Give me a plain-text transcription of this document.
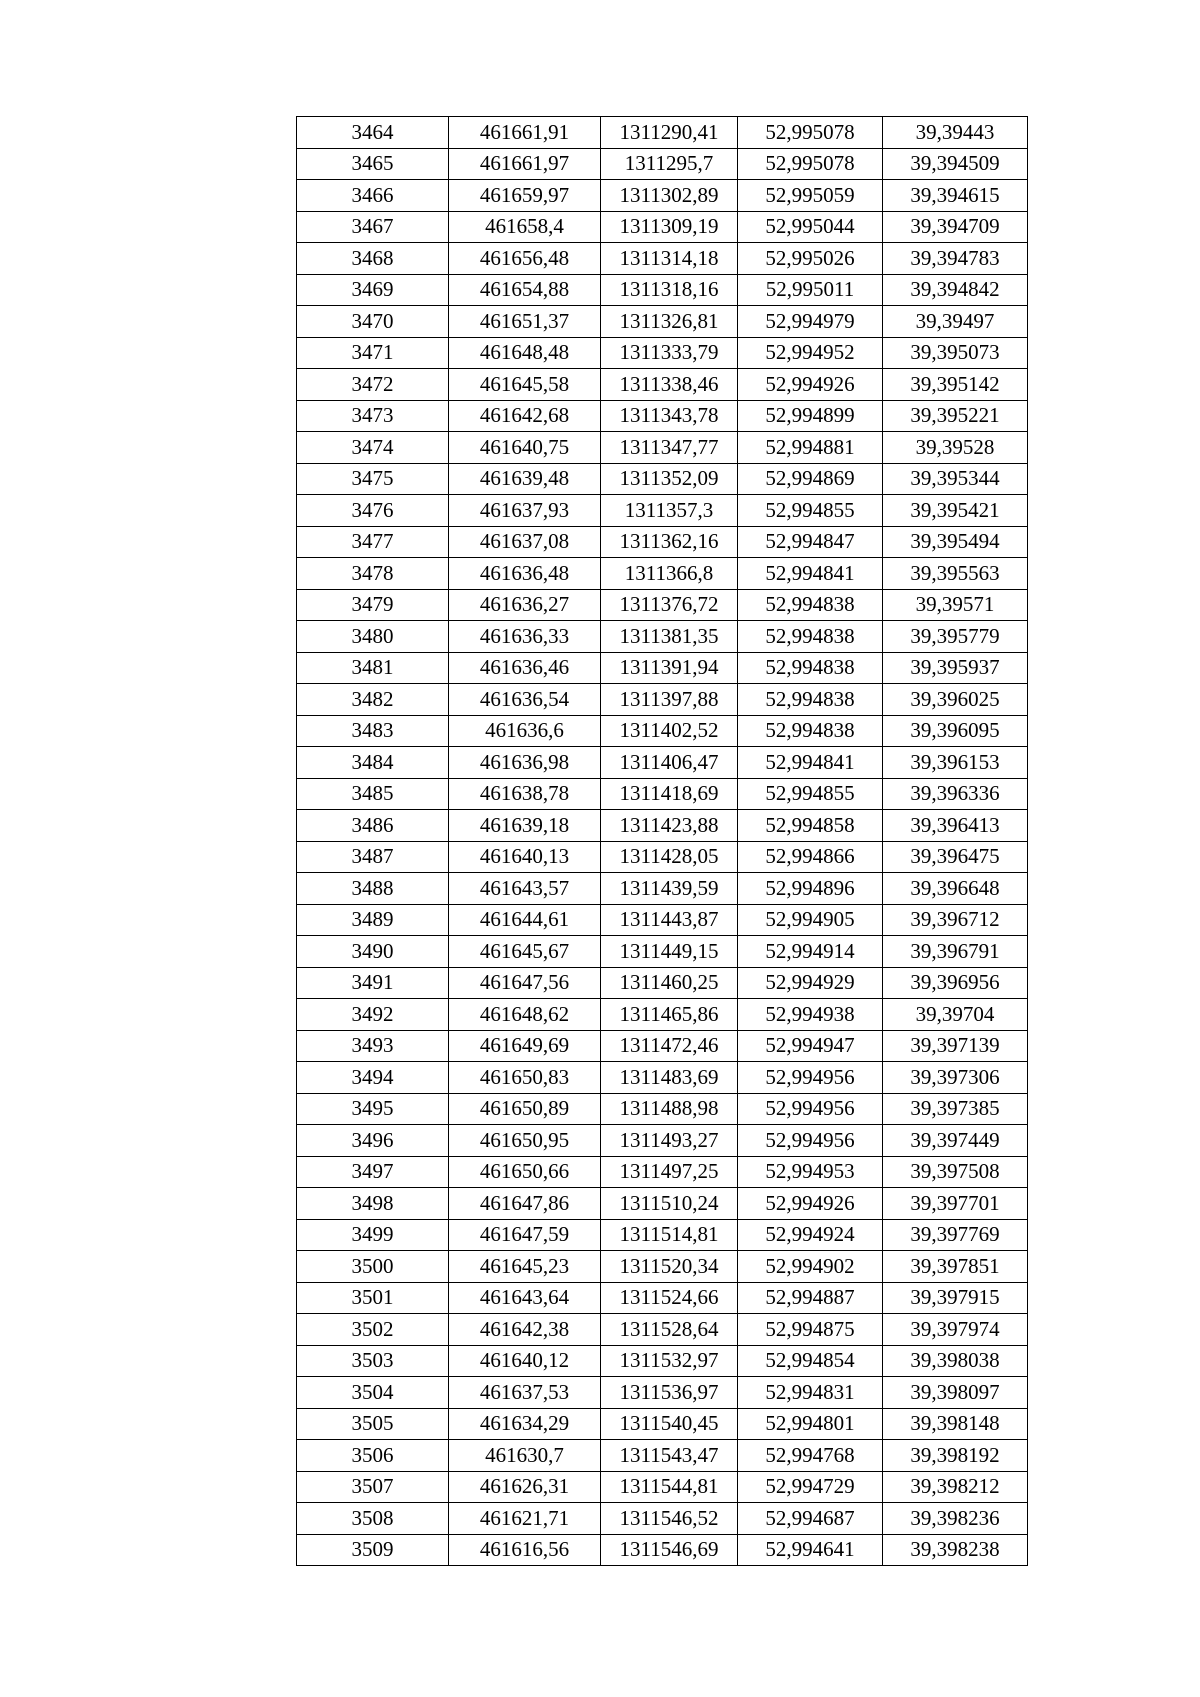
3464	461661,91	1311290,41	52,995078	39,39443
3465	461661,97	1311295,7	52,995078	39,394509
3466	461659,97	1311302,89	52,995059	39,394615
3467	461658,4	1311309,19	52,995044	39,394709
3468	461656,48	1311314,18	52,995026	39,394783
3469	461654,88	1311318,16	52,995011	39,394842
3470	461651,37	1311326,81	52,994979	39,39497
3471	461648,48	1311333,79	52,994952	39,395073
3472	461645,58	1311338,46	52,994926	39,395142
3473	461642,68	1311343,78	52,994899	39,395221
3474	461640,75	1311347,77	52,994881	39,39528
3475	461639,48	1311352,09	52,994869	39,395344
3476	461637,93	1311357,3	52,994855	39,395421
3477	461637,08	1311362,16	52,994847	39,395494
3478	461636,48	1311366,8	52,994841	39,395563
3479	461636,27	1311376,72	52,994838	39,39571
3480	461636,33	1311381,35	52,994838	39,395779
3481	461636,46	1311391,94	52,994838	39,395937
3482	461636,54	1311397,88	52,994838	39,396025
3483	461636,6	1311402,52	52,994838	39,396095
3484	461636,98	1311406,47	52,994841	39,396153
3485	461638,78	1311418,69	52,994855	39,396336
3486	461639,18	1311423,88	52,994858	39,396413
3487	461640,13	1311428,05	52,994866	39,396475
3488	461643,57	1311439,59	52,994896	39,396648
3489	461644,61	1311443,87	52,994905	39,396712
3490	461645,67	1311449,15	52,994914	39,396791
3491	461647,56	1311460,25	52,994929	39,396956
3492	461648,62	1311465,86	52,994938	39,39704
3493	461649,69	1311472,46	52,994947	39,397139
3494	461650,83	1311483,69	52,994956	39,397306
3495	461650,89	1311488,98	52,994956	39,397385
3496	461650,95	1311493,27	52,994956	39,397449
3497	461650,66	1311497,25	52,994953	39,397508
3498	461647,86	1311510,24	52,994926	39,397701
3499	461647,59	1311514,81	52,994924	39,397769
3500	461645,23	1311520,34	52,994902	39,397851
3501	461643,64	1311524,66	52,994887	39,397915
3502	461642,38	1311528,64	52,994875	39,397974
3503	461640,12	1311532,97	52,994854	39,398038
3504	461637,53	1311536,97	52,994831	39,398097
3505	461634,29	1311540,45	52,994801	39,398148
3506	461630,7	1311543,47	52,994768	39,398192
3507	461626,31	1311544,81	52,994729	39,398212
3508	461621,71	1311546,52	52,994687	39,398236
3509	461616,56	1311546,69	52,994641	39,398238
